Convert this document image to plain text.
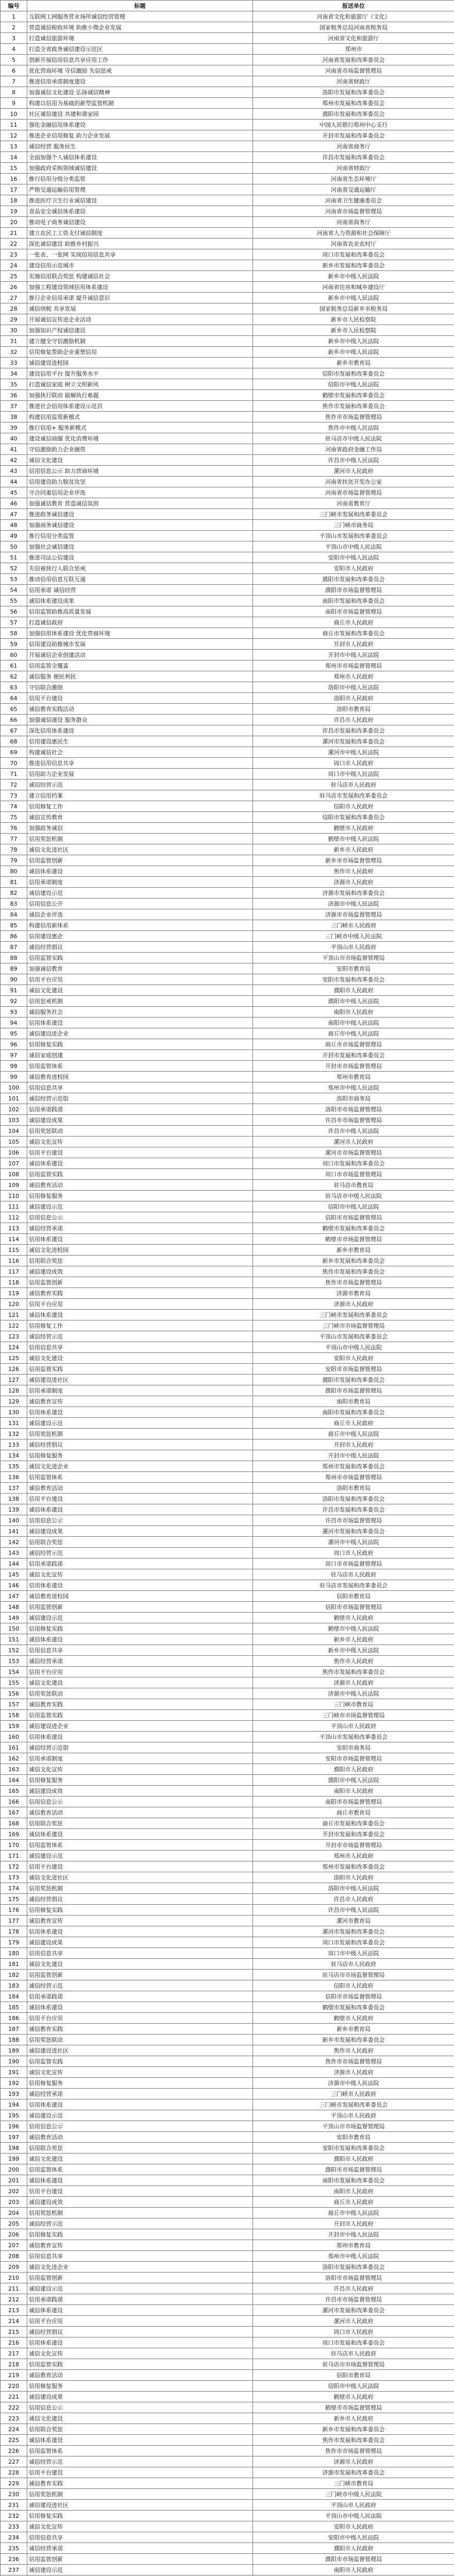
编号	标题	报送单位
1	互联网工网服务营业场所诚信经营管理	河南省文化和旅游厅（文化）
2	营造诚信税收环境 助推小微企业发展	国家税务总局河南省税务局
3	打造诚信旅游环境	河南省文化和旅游厅
4	打造全省政务诚信建设示范区	郑州市
5	创新开展信用信息共享应用工作	河南省发展和改革委员会
6	优化营商环境 守信激励 失信惩戒	河南省市场监督管理局
7	推进信用承诺制度建设	河南省财政厅
8	加强诚信文化建设 弘扬诚信精神	洛阳市发展和改革委员会
9	构建以信用为基础的新型监管机制	郑州市发展和改革委员会
10	社区诚信建设 共建和谐家园	濮阳市发展和改革委员会
11	强化金融信用体系建设	中国人民银行郑州中心支行
12	推进企业信用修复 助力企业发展	开封市发展和改革委员会
13	诚信经营 服务民生	河南省商务厅
14	全面加强个人诚信体系建设	许昌市发展和改革委员会
15	加强政府采购领域诚信建设	河南省财政厅
16	推行信用分级分类监管	河南省生态环境厅
17	严格交通运输信用管理	河南省交通运输厅
18	推进医疗卫生行业诚信建设	河南省卫生健康委员会
19	食品安全诚信体系建设	河南省市场监督管理局
20	推动电子商务诚信建设	河南省商务厅
21	建立农民工工资支付诚信制度	河南省人力资源和社会保障厅
22	深化诚信建设 助推乡村振兴	河南省农业农村厅
23	一张表、一张网 实现信用信息共享	周口市发展和改革委员会
24	建设信用示范城市	新乡市发展和改革委员会
25	实施信用联合奖惩 构建诚信社会	新乡市中级人民法院
26	加强工程建设领域信用体系建设	河南省住房和城乡建设厅
27	推行企业信用承诺 提升诚信意识	新乡市中级人民法院
28	诚信纳税 共享发展	国家税务总局新乡市税务局
29	开展诚信宣传进企业活动	新乡市人民检察院
30	加强知识产权诚信建设	新乡市人民检察院
31	建立健全守信激励机制	新乡市中级人民法院
32	信用修复帮助企业重塑信用	新乡市中级人民法院
33	诚信建设进校园	新乡市教育局
34	建设信用平台 提升服务水平	信阳市发展和改革委员会
35	打造诚信家庭 树立文明新风	信阳市中级人民法院
36	加强执行联动 破解执行难题	鹤壁市发展和改革委员会
37	推进社会信用体系建设示范县	焦作市发展和改革委员会
38	构建信用监管新模式	焦作市市场监督管理局
39	推行信用+ 服务新模式	焦作市中级人民法院
40	建设诚信商圈 优化消费环境	驻马店市中级人民法院
41	守信激励助力企业融资	河南省政府金融工作局
42	诚信文化建设	许昌市中级人民法院
43	信用信息公示 助力营商环境	漯河市人民政府
44	信用建设助力脱贫攻坚	河南省扶贫开发办公室
45	守合同重信用企业评选	河南省市场监督管理局
46	加强诚信教育 营造诚信氛围	河南省教育厅
47	推进政务诚信建设	三门峡市发展和改革委员会
48	加强商务诚信建设	三门峡市商务局
49	推行信用分类监管	平顶山市发展和改革委员会
50	加强社会诚信建设	平顶山市中级人民法院
51	推进司法公信建设	安阳市中级人民法院
52	失信被执行人联合惩戒	安阳市人民政府
53	推动信用信息互联互通	濮阳市发展和改革委员会
54	信用承诺 诚信经营	濮阳市市场监督管理局
55	诚信体系建设成果	南阳市发展和改革委员会
56	信用监管助推高质量发展	南阳市市场监督管理局
57	打造诚信政府	商丘市人民政府
58	加强信用体系建设 优化营商环境	商丘市发展和改革委员会
59	信用建设助推城市发展	开封市人民政府
60	开展诚信企业创建活动	开封市中级人民法院
61	信用监管全覆盖	郑州市市场监督管理局
62	诚信服务 便民利民	郑州市人民政府
63	守信联合激励	洛阳市中级人民法院
64	信用平台建设	洛阳市人民政府
65	诚信教育实践活动	洛阳市教育局
66	加强诚信建设 服务群众	许昌市人民政府
67	深化信用体系建设	许昌市发展和改革委员会
68	信用建设惠民生	漯河市发展和改革委员会
69	构建诚信社会	漯河市中级人民法院
70	推进信用信息共享	周口市人民政府
71	信用助力企业发展	周口市中级人民法院
72	诚信经营示范	驻马店市人民政府
73	建立信用档案	驻马店市发展和改革委员会
74	信用修复工作	信阳市人民政府
75	诚信宣传教育	信阳市发展和改革委员会
76	加强政务诚信	鹤壁市人民政府
77	信用奖惩机制	鹤壁市中级人民法院
78	诚信文化进社区	新乡市人民政府
79	信用监管创新	新乡市市场监督管理局
80	诚信体系建设	焦作市人民政府
81	信用承诺制度	济源市人民政府
82	诚信建设示范	济源市发展和改革委员会
83	信用信息公开	济源市中级人民法院
84	诚信企业评选	济源市市场监督管理局
85	构建信用新体系	三门峡市人民政府
86	信用建设惠企	三门峡市中级人民法院
87	诚信经营倡议	平顶山市人民政府
88	信用监管实践	平顶山市市场监督管理局
89	加强诚信教育	安阳市教育局
90	信用平台应用	安阳市发展和改革委员会
91	诚信文化建设	濮阳市人民政府
92	信用惩戒机制	濮阳市中级人民法院
93	诚信服务社会	南阳市人民政府
94	信用体系建设	南阳市中级人民法院
95	诚信建设进企业	商丘市中级人民法院
96	信用修复实践	商丘市市场监督管理局
97	诚信家庭创建	开封市发展和改革委员会
98	信用监管体系	开封市市场监督管理局
99	诚信教育进校园	郑州市教育局
100	信用信息共享	郑州市中级人民法院
101	诚信经营示范街	洛阳市商务局
102	信用承诺践诺	洛阳市市场监督管理局
103	诚信建设成果	许昌市市场监督管理局
104	信用奖惩联动	许昌市中级人民法院
105	诚信文化宣传	漯河市人民政府
106	信用平台建设	漯河市市场监督管理局
107	诚信体系建设	周口市发展和改革委员会
108	信用监管实践	周口市市场监督管理局
109	诚信教育活动	驻马店市教育局
110	信用修复服务	驻马店市中级人民法院
111	诚信建设示范	信阳市中级人民法院
112	信用信息公示	信阳市市场监督管理局
113	诚信经营承诺	鹤壁市发展和改革委员会
114	信用体系建设	鹤壁市市场监督管理局
115	诚信文化进校园	新乡市教育局
116	信用联合奖惩	新乡市发展和改革委员会
117	诚信建设成效	焦作市发展和改革委员会
118	信用监管创新	焦作市市场监督管理局
119	诚信教育实践	济源市教育局
120	信用平台应用	济源市人民政府
121	诚信体系建设	三门峡市发展和改革委员会
122	信用修复工作	三门峡市市场监督管理局
123	诚信经营示范	平顶山市发展和改革委员会
124	信用信息共享	平顶山市中级人民法院
125	诚信文化建设	安阳市人民政府
126	信用监管实践	安阳市市场监督管理局
127	诚信建设进社区	濮阳市发展和改革委员会
128	信用承诺制度	濮阳市市场监督管理局
129	诚信教育宣传	南阳市教育局
130	信用体系建设	南阳市发展和改革委员会
131	诚信建设示范	商丘市人民政府
132	信用奖惩机制	商丘市中级人民法院
133	诚信经营倡议	开封市人民政府
134	信用修复服务	开封市中级人民法院
135	诚信文化进企业	郑州市发展和改革委员会
136	信用监管体系	郑州市市场监督管理局
137	诚信教育活动	洛阳市教育局
138	信用平台建设	洛阳市发展和改革委员会
139	诚信体系建设	许昌市发展和改革委员会
140	信用信息公示	许昌市市场监督管理局
141	诚信建设成果	漯河市发展和改革委员会
142	信用联合奖惩	漯河市中级人民法院
143	诚信经营示范	周口市人民政府
144	信用承诺践诺	周口市市场监督管理局
145	诚信文化宣传	驻马店市人民政府
146	信用体系建设	驻马店市发展和改革委员会
147	诚信教育进校园	信阳市教育局
148	信用监管创新	信阳市市场监督管理局
149	诚信建设示范	鹤壁市人民政府
150	信用修复实践	鹤壁市中级人民法院
151	诚信体系建设	新乡市人民政府
152	信用信息共享	新乡市中级人民法院
153	诚信经营承诺	焦作市人民政府
154	信用平台应用	焦作市发展和改革委员会
155	诚信文化建设	济源市人民政府
156	信用奖惩联动	济源市中级人民法院
157	诚信教育实践	三门峡市教育局
158	信用监管实践	三门峡市市场监督管理局
159	诚信建设进企业	平顶山市人民政府
160	信用体系建设	平顶山市发展和改革委员会
161	诚信经营示范街	安阳市商务局
162	信用承诺制度	安阳市市场监督管理局
163	诚信文化宣传	濮阳市人民政府
164	信用修复服务	濮阳市中级人民法院
165	诚信建设成效	南阳市人民政府
166	信用信息公示	南阳市市场监督管理局
167	诚信教育活动	商丘市教育局
168	信用联合奖惩	商丘市发展和改革委员会
169	诚信体系建设	开封市发展和改革委员会
170	信用监管体系	开封市市场监督管理局
171	诚信建设示范	郑州市人民政府
172	信用平台建设	郑州市发展和改革委员会
173	诚信文化进社区	洛阳市人民政府
174	信用奖惩机制	洛阳市中级人民法院
175	诚信经营倡议	许昌市人民政府
176	信用修复实践	许昌市中级人民法院
177	诚信教育宣传	漯河市教育局
178	信用体系建设	漯河市发展和改革委员会
179	诚信建设成果	周口市发展和改革委员会
180	信用信息共享	周口市中级人民法院
181	诚信文化建设	驻马店市人民政府
182	信用监管创新	驻马店市市场监督管理局
183	诚信经营示范	信阳市人民政府
184	信用承诺践诺	信阳市市场监督管理局
185	诚信体系建设	鹤壁市发展和改革委员会
186	信用平台应用	鹤壁市人民政府
187	诚信教育实践	新乡市教育局
188	信用奖惩联动	新乡市发展和改革委员会
189	诚信建设进社区	焦作市人民政府
190	信用监管实践	焦作市市场监督管理局
191	诚信文化宣传	济源市人民政府
192	信用修复服务	济源市中级人民法院
193	诚信经营承诺	三门峡市人民政府
194	信用体系建设	三门峡市发展和改革委员会
195	诚信建设示范	平顶山市人民政府
196	信用信息公示	平顶山市市场监督管理局
197	诚信教育活动	安阳市教育局
198	信用联合奖惩	安阳市发展和改革委员会
199	诚信文化建设	濮阳市人民政府
200	信用监管体系	濮阳市市场监督管理局
201	诚信体系建设	南阳市发展和改革委员会
202	信用平台建设	南阳市人民政府
203	诚信建设成效	商丘市人民政府
204	信用奖惩机制	商丘市中级人民法院
205	诚信经营示范	开封市人民政府
206	信用修复实践	开封市中级人民法院
207	诚信教育宣传	郑州市教育局
208	信用信息共享	郑州市中级人民法院
209	诚信文化进企业	洛阳市发展和改革委员会
210	信用监管创新	洛阳市市场监督管理局
211	诚信建设示范	许昌市人民政府
212	信用承诺践诺	许昌市市场监督管理局
213	诚信体系建设	漯河市发展和改革委员会
214	信用平台应用	漯河市人民政府
215	诚信经营倡议	周口市人民政府
216	信用体系建设	周口市发展和改革委员会
217	诚信文化宣传	驻马店市人民政府
218	信用监管实践	驻马店市市场监督管理局
219	诚信教育活动	信阳市教育局
220	信用修复服务	信阳市中级人民法院
221	诚信建设成果	鹤壁市人民政府
222	信用信息公示	鹤壁市市场监督管理局
223	诚信文化建设	新乡市人民政府
224	信用联合奖惩	新乡市发展和改革委员会
225	诚信体系建设	焦作市发展和改革委员会
226	信用监管体系	焦作市市场监督管理局
227	诚信经营示范	济源市人民政府
228	信用平台建设	济源市发展和改革委员会
229	诚信教育实践	三门峡市教育局
230	信用奖惩机制	三门峡市中级人民法院
231	诚信建设进社区	平顶山市人民政府
232	信用修复实践	平顶山市中级人民法院
233	诚信文化宣传	安阳市人民政府
234	信用信息共享	安阳市中级人民法院
235	诚信经营承诺	濮阳市人民政府
236	信用监管创新	濮阳市市场监督管理局
237	诚信建设示范	南阳市人民政府
